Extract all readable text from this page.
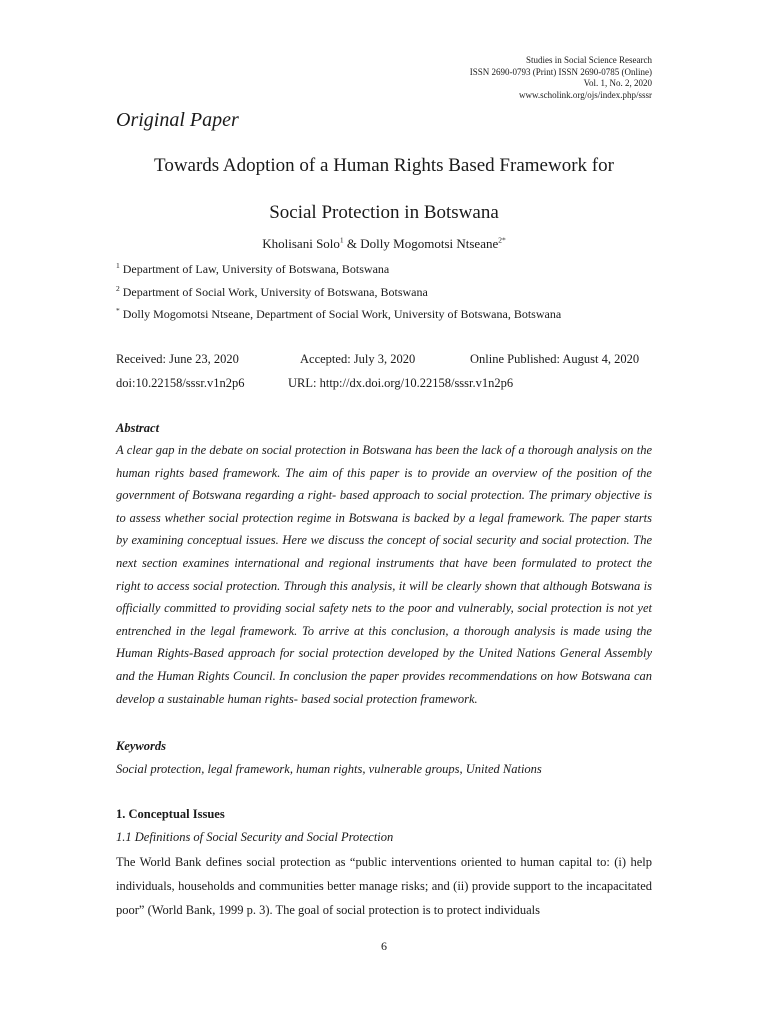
Studies in Social Science Research
ISSN 2690-0793 (Print) ISSN 2690-0785 (Online)
Vol. 1, No. 2, 2020
www.scholink.org/ojs/index.php/sssr
Original Paper
Towards Adoption of a Human Rights Based Framework for
Social Protection in Botswana
Kholisani Solo$^1$ & Dolly Mogomotsi Ntseane$^{2*}$
$^1$ Department of Law, University of Botswana, Botswana
$^2$ Department of Social Work, University of Botswana, Botswana
* Dolly Mogomotsi Ntseane, Department of Social Work, University of Botswana, Botswana
Received: June 23, 2020	Accepted: July 3, 2020	Online Published: August 4, 2020
doi:10.22158/sssr.v1n2p6	URL: http://dx.doi.org/10.22158/sssr.v1n2p6
Abstract
A clear gap in the debate on social protection in Botswana has been the lack of a thorough analysis on the human rights based framework. The aim of this paper is to provide an overview of the position of the government of Botswana regarding a right- based approach to social protection. The primary objective is to assess whether social protection regime in Botswana is backed by a legal framework. The paper starts by examining conceptual issues. Here we discuss the concept of social security and social protection. The next section examines international and regional instruments that have been formulated to protect the right to access social protection. Through this analysis, it will be clearly shown that although Botswana is officially committed to providing social safety nets to the poor and vulnerably, social protection is not yet entrenched in the legal framework. To arrive at this conclusion, a thorough analysis is made using the Human Rights-Based approach for social protection developed by the United Nations General Assembly and the Human Rights Council. In conclusion the paper provides recommendations on how Botswana can develop a sustainable human rights- based social protection framework.
Keywords
Social protection, legal framework, human rights, vulnerable groups, United Nations
1. Conceptual Issues
1.1 Definitions of Social Security and Social Protection
The World Bank defines social protection as “public interventions oriented to human capital to: (i) help individuals, households and communities better manage risks; and (ii) provide support to the incapacitated poor” (World Bank, 1999 p. 3). The goal of social protection is to protect individuals
6
